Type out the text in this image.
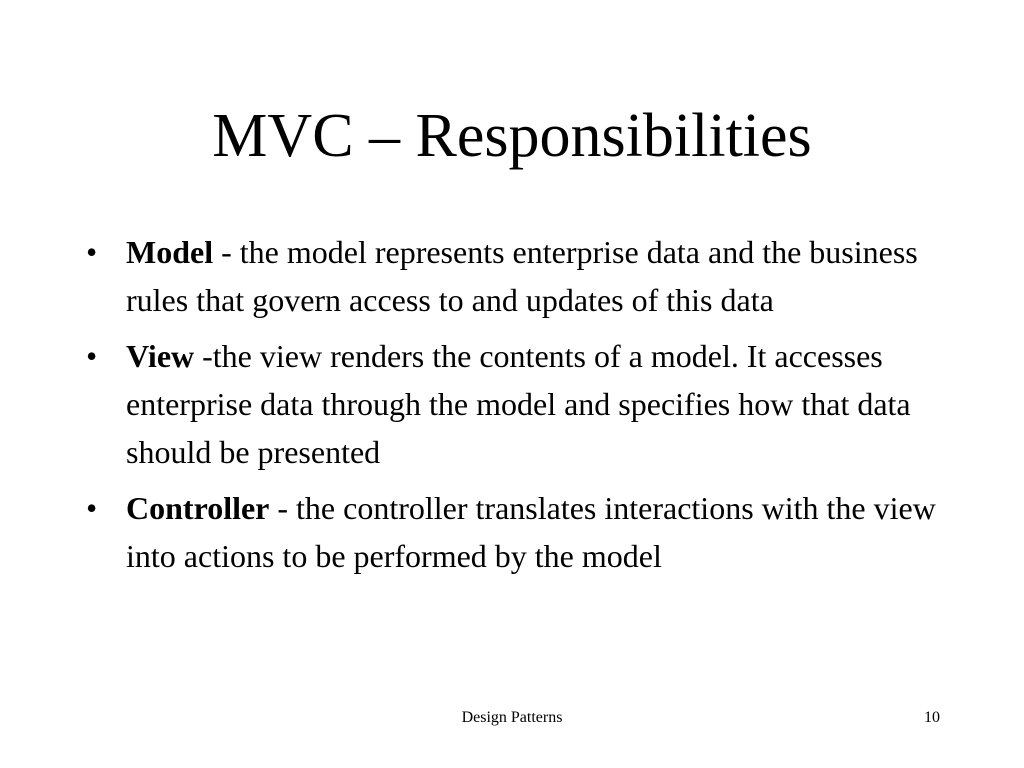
MVC – Responsibilities
• Model - the model represents enterprise data and the business rules that govern access to and updates of this data
• View -the view renders the contents of a model. It accesses enterprise data through the model and specifies how that data should be presented
• Controller - the controller translates interactions with the view into actions to be performed by the model
Design Patterns	10
